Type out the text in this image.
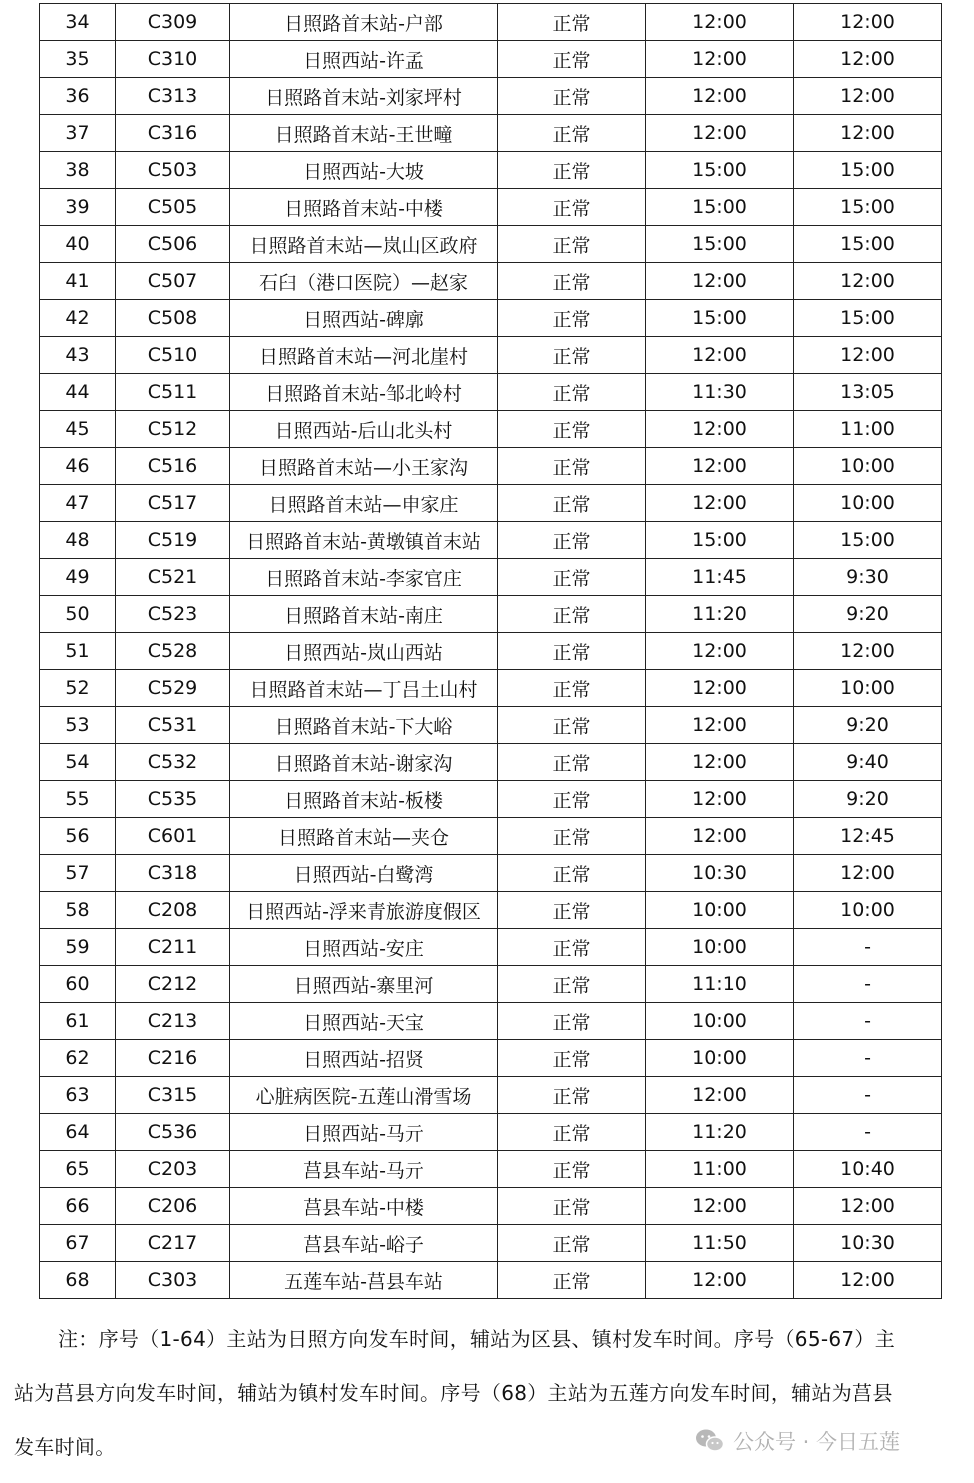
34	C309	日照路首末站-户部	正常	12:00	12:00
35	C310	日照西站-许孟	正常	12:00	12:00
36	C313	日照路首末站-刘家坪村	正常	12:00	12:00
37	C316	日照路首末站-王世疃	正常	12:00	12:00
38	C503	日照西站-大坡	正常	15:00	15:00
39	C505	日照路首末站-中楼	正常	15:00	15:00
40	C506	日照路首末站—岚山区政府	正常	15:00	15:00
41	C507	石臼（港口医院）—赵家	正常	12:00	12:00
42	C508	日照西站-碑廓	正常	15:00	15:00
43	C510	日照路首末站—河北崖村	正常	12:00	12:00
44	C511	日照路首末站-邹北岭村	正常	11:30	13:05
45	C512	日照西站-后山北头村	正常	12:00	11:00
46	C516	日照路首末站—小王家沟	正常	12:00	10:00
47	C517	日照路首末站—申家庄	正常	12:00	10:00
48	C519	日照路首末站-黄墩镇首末站	正常	15:00	15:00
49	C521	日照路首末站-李家官庄	正常	11:45	9:30
50	C523	日照路首末站-南庄	正常	11:20	9:20
51	C528	日照西站-岚山西站	正常	12:00	12:00
52	C529	日照路首末站—丁吕土山村	正常	12:00	10:00
53	C531	日照路首末站-下大峪	正常	12:00	9:20
54	C532	日照路首末站-谢家沟	正常	12:00	9:40
55	C535	日照路首末站-板楼	正常	12:00	9:20
56	C601	日照路首末站—夹仓	正常	12:00	12:45
57	C318	日照西站-白鹭湾	正常	10:30	12:00
58	C208	日照西站-浮来青旅游度假区	正常	10:00	10:00
59	C211	日照西站-安庄	正常	10:00	-
60	C212	日照西站-寨里河	正常	11:10	-
61	C213	日照西站-天宝	正常	10:00	-
62	C216	日照西站-招贤	正常	10:00	-
63	C315	心脏病医院-五莲山滑雪场	正常	12:00	-
64	C536	日照西站-马亓	正常	11:20	-
65	C203	莒县车站-马亓	正常	11:00	10:40
66	C206	莒县车站-中楼	正常	12:00	12:00
67	C217	莒县车站-峪子	正常	11:50	10:30
68	C303	五莲车站-莒县车站	正常	12:00	12:00

注：序号（1-64）主站为日照方向发车时间，辅站为区县、镇村发车时间。序号（65-67）主

站为莒县方向发车时间，辅站为镇村发车时间。序号（68）主站为五莲方向发车时间，辅站为莒县

发车时间。	公众号 · 今日五莲
